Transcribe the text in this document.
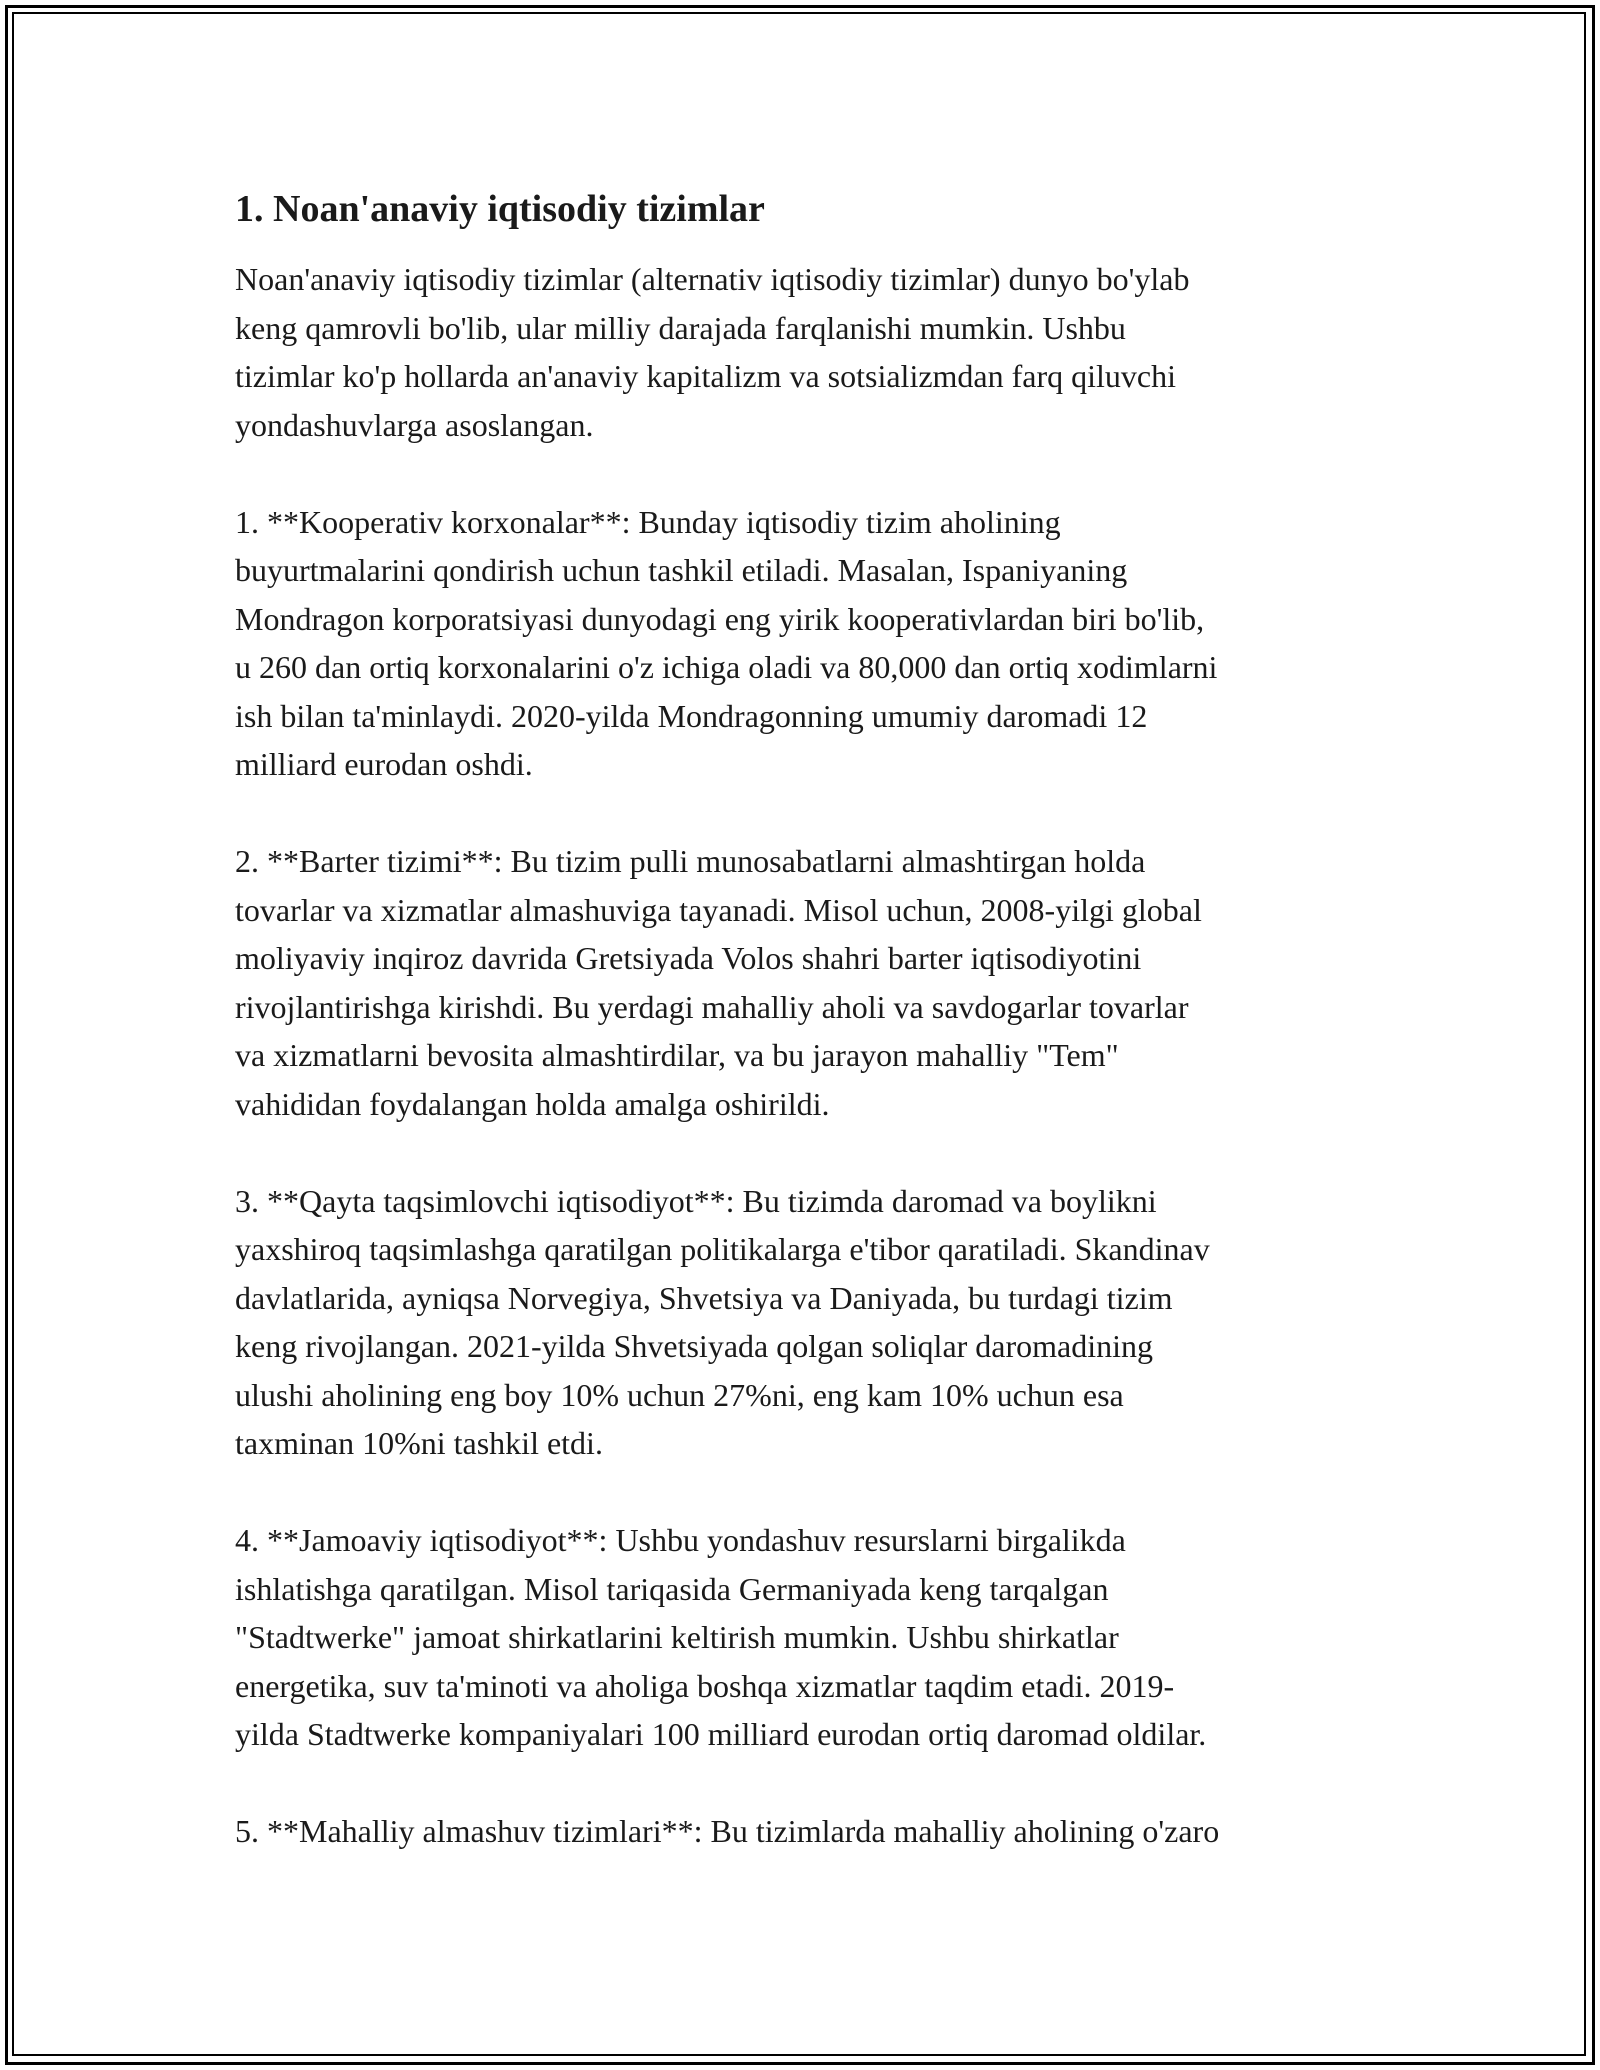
1. Noan'anaviy iqtisodiy tizimlar

Noan'anaviy iqtisodiy tizimlar (alternativ iqtisodiy tizimlar) dunyo bo'ylab
keng qamrovli bo'lib, ular milliy darajada farqlanishi mumkin. Ushbu
tizimlar ko'p hollarda an'anaviy kapitalizm va sotsializmdan farq qiluvchi
yondashuvlarga asoslangan.

1. **Kooperativ korxonalar**: Bunday iqtisodiy tizim aholining
buyurtmalarini qondirish uchun tashkil etiladi. Masalan, Ispaniyaning
Mondragon korporatsiyasi dunyodagi eng yirik kooperativlardan biri bo'lib,
u 260 dan ortiq korxonalarini o'z ichiga oladi va 80,000 dan ortiq xodimlarni
ish bilan ta'minlaydi. 2020-yilda Mondragonning umumiy daromadi 12
milliard eurodan oshdi.

2. **Barter tizimi**: Bu tizim pulli munosabatlarni almashtirgan holda
tovarlar va xizmatlar almashuviga tayanadi. Misol uchun, 2008-yilgi global
moliyaviy inqiroz davrida Gretsiyada Volos shahri barter iqtisodiyotini
rivojlantirishga kirishdi. Bu yerdagi mahalliy aholi va savdogarlar tovarlar
va xizmatlarni bevosita almashtirdilar, va bu jarayon mahalliy "Tem"
vahididan foydalangan holda amalga oshirildi.

3. **Qayta taqsimlovchi iqtisodiyot**: Bu tizimda daromad va boylikni
yaxshiroq taqsimlashga qaratilgan politikalarga e'tibor qaratiladi. Skandinav
davlatlarida, ayniqsa Norvegiya, Shvetsiya va Daniyada, bu turdagi tizim
keng rivojlangan. 2021-yilda Shvetsiyada qolgan soliqlar daromadining
ulushi aholining eng boy 10% uchun 27%ni, eng kam 10% uchun esa
taxminan 10%ni tashkil etdi.

4. **Jamoaviy iqtisodiyot**: Ushbu yondashuv resurslarni birgalikda
ishlatishga qaratilgan. Misol tariqasida Germaniyada keng tarqalgan
"Stadtwerke" jamoat shirkatlarini keltirish mumkin. Ushbu shirkatlar
energetika, suv ta'minoti va aholiga boshqa xizmatlar taqdim etadi. 2019-
yilda Stadtwerke kompaniyalari 100 milliard eurodan ortiq daromad oldilar.

5. **Mahalliy almashuv tizimlari**: Bu tizimlarda mahalliy aholining o'zaro
